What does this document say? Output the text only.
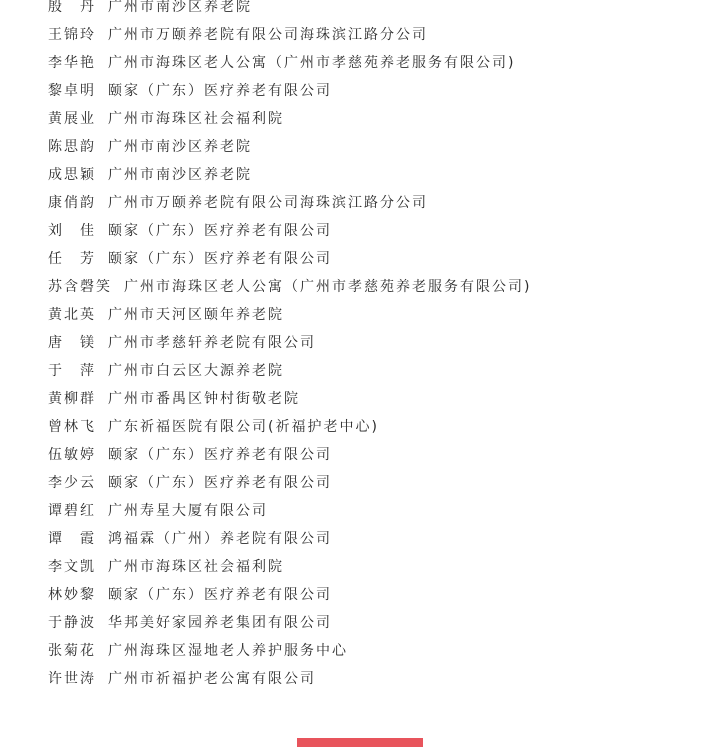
殷　丹 广州市南沙区养老院
王锦玲 广州市万颐养老院有限公司海珠滨江路分公司
李华艳 广州市海珠区老人公寓（广州市孝慈苑养老服务有限公司)
黎卓明 颐家（广东）医疗养老有限公司
黄展业 广州市海珠区社会福利院
陈思韵 广州市南沙区养老院
成思颖 广州市南沙区养老院
康俏韵 广州市万颐养老院有限公司海珠滨江路分公司
刘　佳 颐家（广东）医疗养老有限公司
任　芳 颐家（广东）医疗养老有限公司
苏含磬笑 广州市海珠区老人公寓（广州市孝慈苑养老服务有限公司)
黄北英 广州市天河区颐年养老院
唐　镁 广州市孝慈轩养老院有限公司
于　萍 广州市白云区大源养老院
黄柳群 广州市番禺区钟村街敬老院
曾林飞 广东祈福医院有限公司(祈福护老中心)
伍敏婷 颐家（广东）医疗养老有限公司
李少云 颐家（广东）医疗养老有限公司
谭碧红 广州寿星大厦有限公司
谭　霞 鸿福霖（广州）养老院有限公司
李文凯 广州市海珠区社会福利院
林妙黎 颐家（广东）医疗养老有限公司
于静波 华邦美好家园养老集团有限公司
张菊花 广州海珠区湿地老人养护服务中心
许世涛 广州市祈福护老公寓有限公司
